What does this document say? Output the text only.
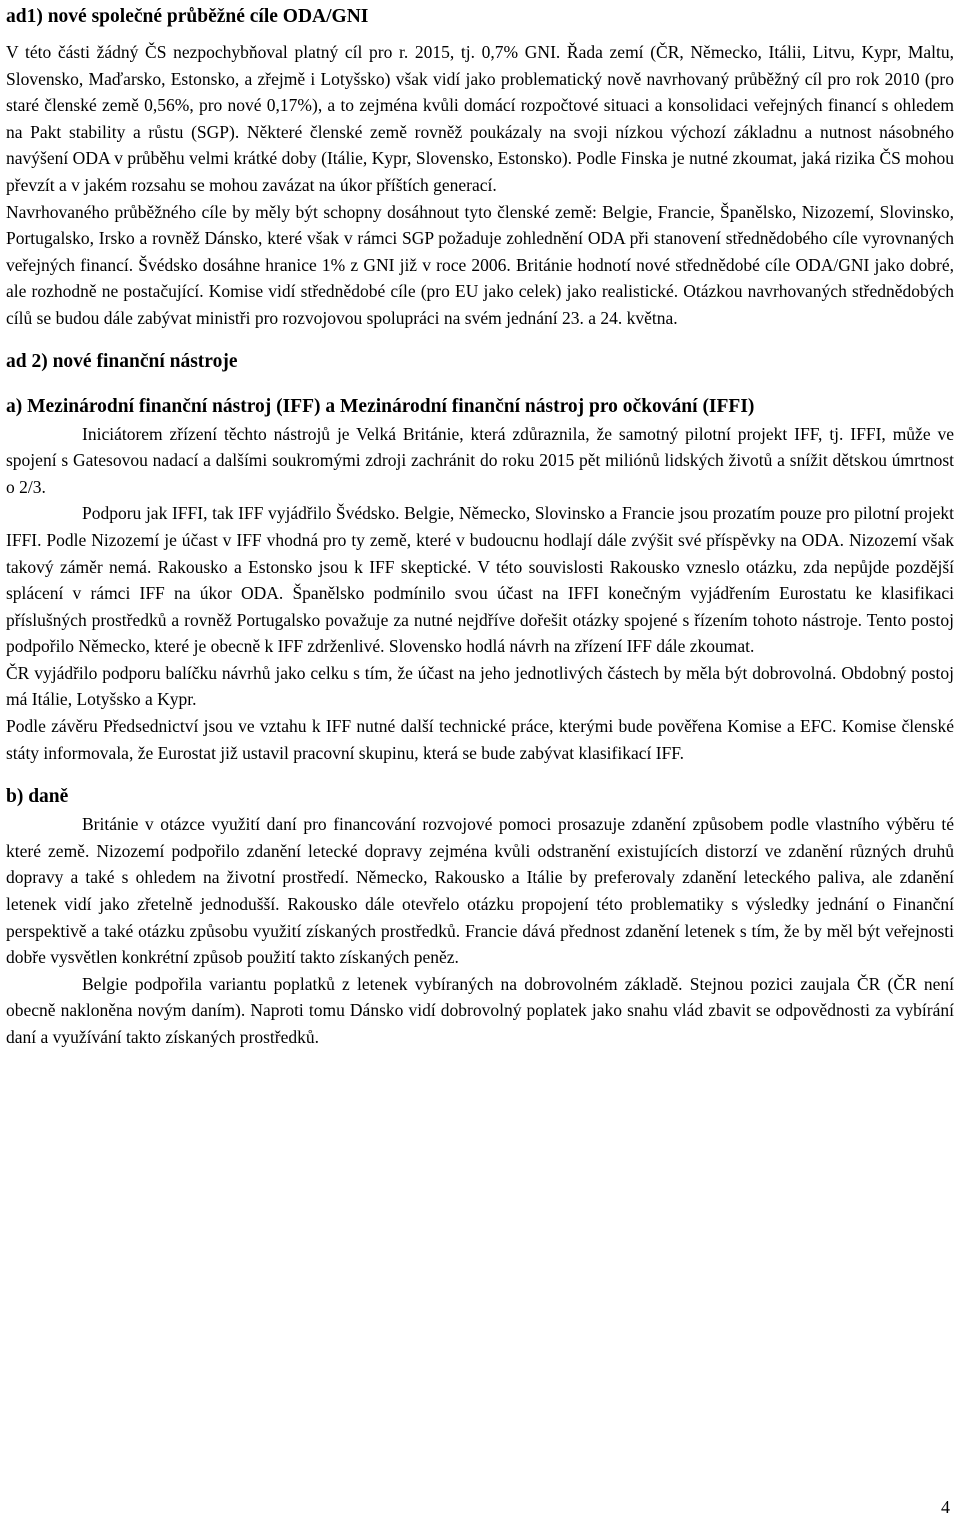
ad1) nové společné průběžné cíle ODA/GNI

V této části žádný ČS nezpochybňoval platný cíl pro r. 2015, tj. 0,7% GNI. Řada zemí (ČR, Německo, Itálii, Litvu, Kypr, Maltu, Slovensko, Maďarsko, Estonsko, a zřejmě i Lotyšsko) však vidí jako problematický nově navrhovaný průběžný cíl pro rok 2010 (pro staré členské země 0,56%, pro nové 0,17%), a to zejména kvůli domácí rozpočtové situaci a konsolidaci veřejných financí s ohledem na Pakt stability a růstu (SGP). Některé členské země rovněž poukázaly na svoji nízkou výchozí základnu a nutnost násobného navýšení ODA v průběhu velmi krátké doby (Itálie, Kypr, Slovensko, Estonsko). Podle Finska je nutné zkoumat, jaká rizika ČS mohou převzít a v jakém rozsahu se mohou zavázat na úkor příštích generací.

Navrhovaného průběžného cíle by měly být schopny dosáhnout tyto členské země: Belgie, Francie, Španělsko, Nizozemí, Slovinsko, Portugalsko, Irsko a rovněž Dánsko, které však v rámci SGP požaduje zohlednění ODA při stanovení střednědobého cíle vyrovnaných veřejných financí. Švédsko dosáhne hranice 1% z GNI již v roce 2006. Británie hodnotí nové střednědobé cíle ODA/GNI jako dobré, ale rozhodně ne postačující. Komise vidí střednědobé cíle (pro EU jako celek) jako realistické. Otázkou navrhovaných střednědobých cílů se budou dále zabývat ministři pro rozvojovou spolupráci na svém jednání 23. a 24. května.

ad 2) nové finanční nástroje
a) Mezinárodní finanční nástroj (IFF) a Mezinárodní finanční nástroj pro očkování (IFFI)

Iniciátorem zřízení těchto nástrojů je Velká Británie, která zdůraznila, že samotný pilotní projekt IFF, tj. IFFI, může ve spojení s Gatesovou nadací a dalšími soukromými zdroji zachránit do roku 2015 pět miliónů lidských životů a snížit dětskou úmrtnost o 2/3.

Podporu jak IFFI, tak IFF vyjádřilo Švédsko. Belgie, Německo, Slovinsko a Francie jsou prozatím pouze pro pilotní projekt IFFI. Podle Nizozemí je účast v IFF vhodná pro ty země, které v budoucnu hodlají dále zvýšit své příspěvky na ODA. Nizozemí však takový záměr nemá. Rakousko a Estonsko jsou k IFF skeptické. V této souvislosti Rakousko vzneslo otázku, zda nepůjde pozdější splácení v rámci IFF na úkor ODA. Španělsko podmínilo svou účast na IFFI konečným vyjádřením Eurostatu ke klasifikaci příslušných prostředků a rovněž Portugalsko považuje za nutné nejdříve dořešit otázky spojené s řízením tohoto nástroje. Tento postoj podpořilo Německo, které je obecně k IFF zdrženlivé. Slovensko hodlá návrh na zřízení IFF dále zkoumat.

ČR vyjádřilo podporu balíčku návrhů jako celku s tím, že účast na jeho jednotlivých částech by měla být dobrovolná. Obdobný postoj má Itálie, Lotyšsko a Kypr.

Podle závěru Předsednictví jsou ve vztahu k IFF nutné další technické práce, kterými bude pověřena Komise a EFC. Komise členské státy informovala, že Eurostat již ustavil pracovní skupinu, která se bude zabývat klasifikací IFF.

b) daně

Británie v otázce využití daní pro financování rozvojové pomoci prosazuje zdanění způsobem podle vlastního výběru té které země. Nizozemí podpořilo zdanění letecké dopravy zejména kvůli odstranění existujících distorzí ve zdanění různých druhů dopravy a také s ohledem na životní prostředí. Německo, Rakousko a Itálie by preferovaly zdanění leteckého paliva, ale zdanění letenek vidí jako zřetelně jednodušší. Rakousko dále otevřelo otázku propojení této problematiky s výsledky jednání o Finanční perspektivě a také otázku způsobu využití získaných prostředků. Francie dává přednost zdanění letenek s tím, že by měl být veřejnosti dobře vysvětlen konkrétní způsob použití takto získaných peněz.

Belgie podpořila variantu poplatků z letenek vybíraných na dobrovolném základě. Stejnou pozici zaujala ČR (ČR není obecně nakloněna novým daním). Naproti tomu Dánsko vidí dobrovolný poplatek jako snahu vlád zbavit se odpovědnosti za vybírání daní a využívání takto získaných prostředků.

4
